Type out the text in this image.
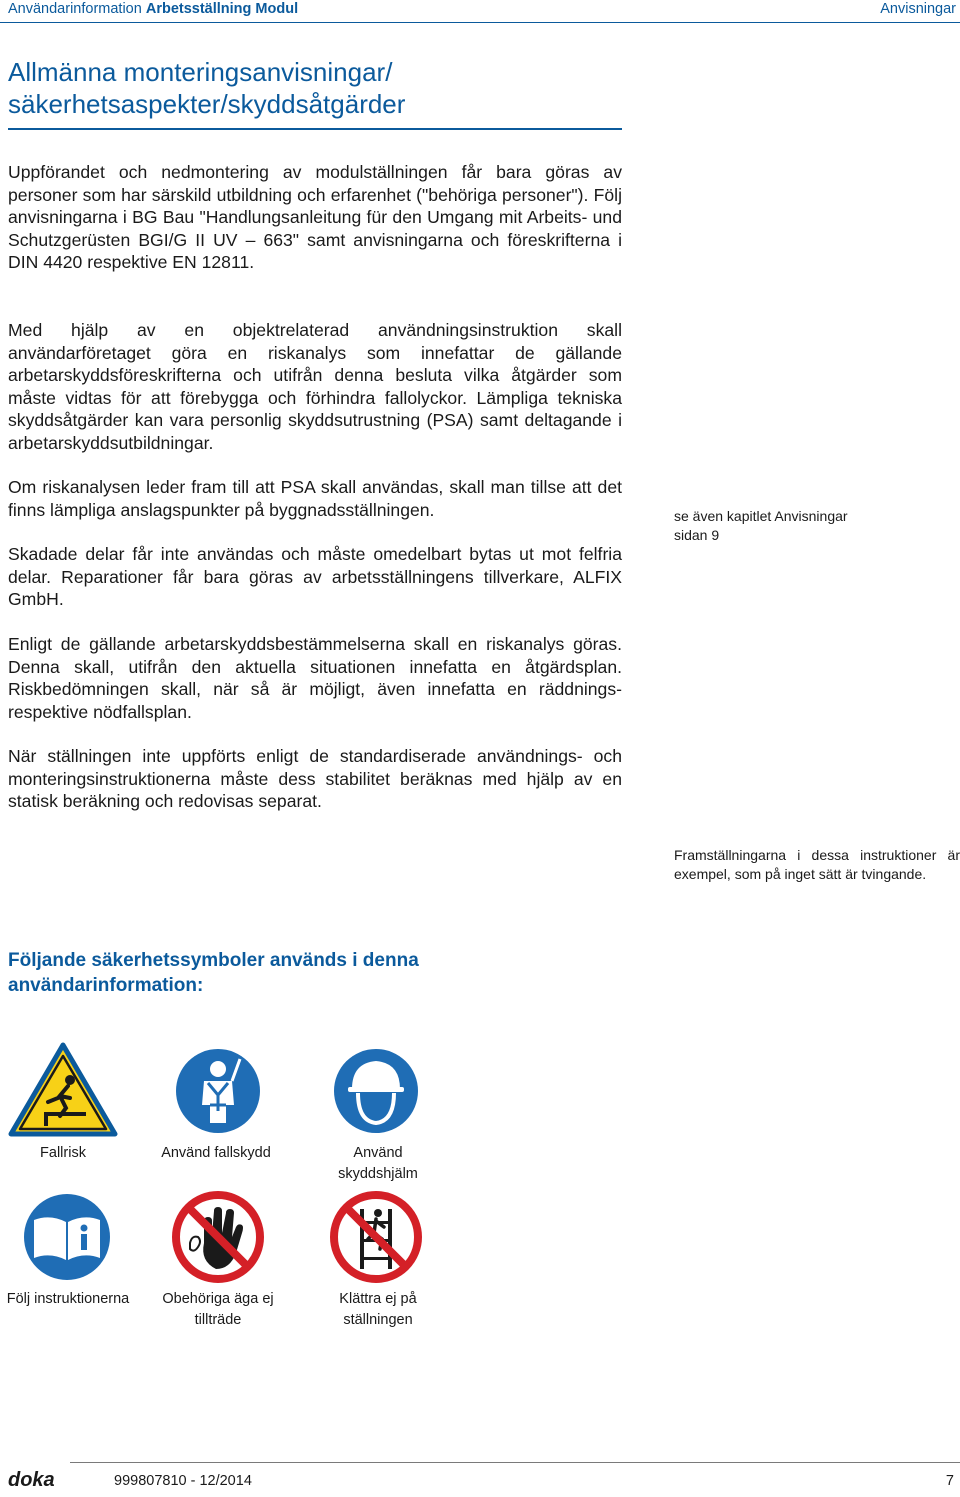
Användarinformation Arbetsställning Modul	Anvisningar
Allmänna monteringsanvisningar/ säkerhetsaspekter/skyddsåtgärder

Uppförandet och nedmontering av modulställningen får bara göras av personer som har särskild utbildning och erfarenhet ("behöriga personer"). Följ anvisningarna i BG Bau "Handlungsanleitung für den Umgang mit Arbeits- und Schutzgerüsten BGI/G II UV – 663" samt anvisningarna och föreskrifterna i DIN 4420 respektive EN 12811.

Med hjälp av en objektrelaterad användningsinstruktion skall användarföretaget göra en riskanalys som innefattar de gällande arbetarskyddsföreskrifterna och utifrån denna besluta vilka åtgärder som måste vidtas för att förebygga och förhindra fallolyckor. Lämpliga tekniska skyddsåtgärder kan vara personlig skyddsutrustning (PSA) samt deltagande i arbetarskyddsutbildningar.

Om riskanalysen leder fram till att PSA skall användas, skall man tillse att det finns lämpliga anslagspunkter på byggnadsställningen.

Skadade delar får inte användas och måste omedelbart bytas ut mot felfria delar. Reparationer får bara göras av arbetsställningens tillverkare, ALFIX GmbH.

Enligt de gällande arbetarskyddsbestämmelserna skall en riskanalys göras. Denna skall, utifrån den aktuella situationen innefatta en åtgärdsplan. Riskbedömningen skall, när så är möjligt, även innefatta en räddnings- respektive nödfallsplan.

När ställningen inte uppförts enligt de standardiserade användnings- och monteringsinstruktionerna måste dess stabilitet beräknas med hjälp av en statisk beräkning och redovisas separat.

se även kapitlet Anvisningar sidan 9

Framställningarna i dessa instruktioner är exempel, som på inget sätt är tvingande.

Följande säkerhetssymboler används i denna användarinformation:
Fallrisk	Använd fallskydd	Använd skyddshjälm
Följ instruktionerna	Obehöriga äga ej tillträde
Klättra ej på ställningen
doka	999807810 - 12/2014	7
